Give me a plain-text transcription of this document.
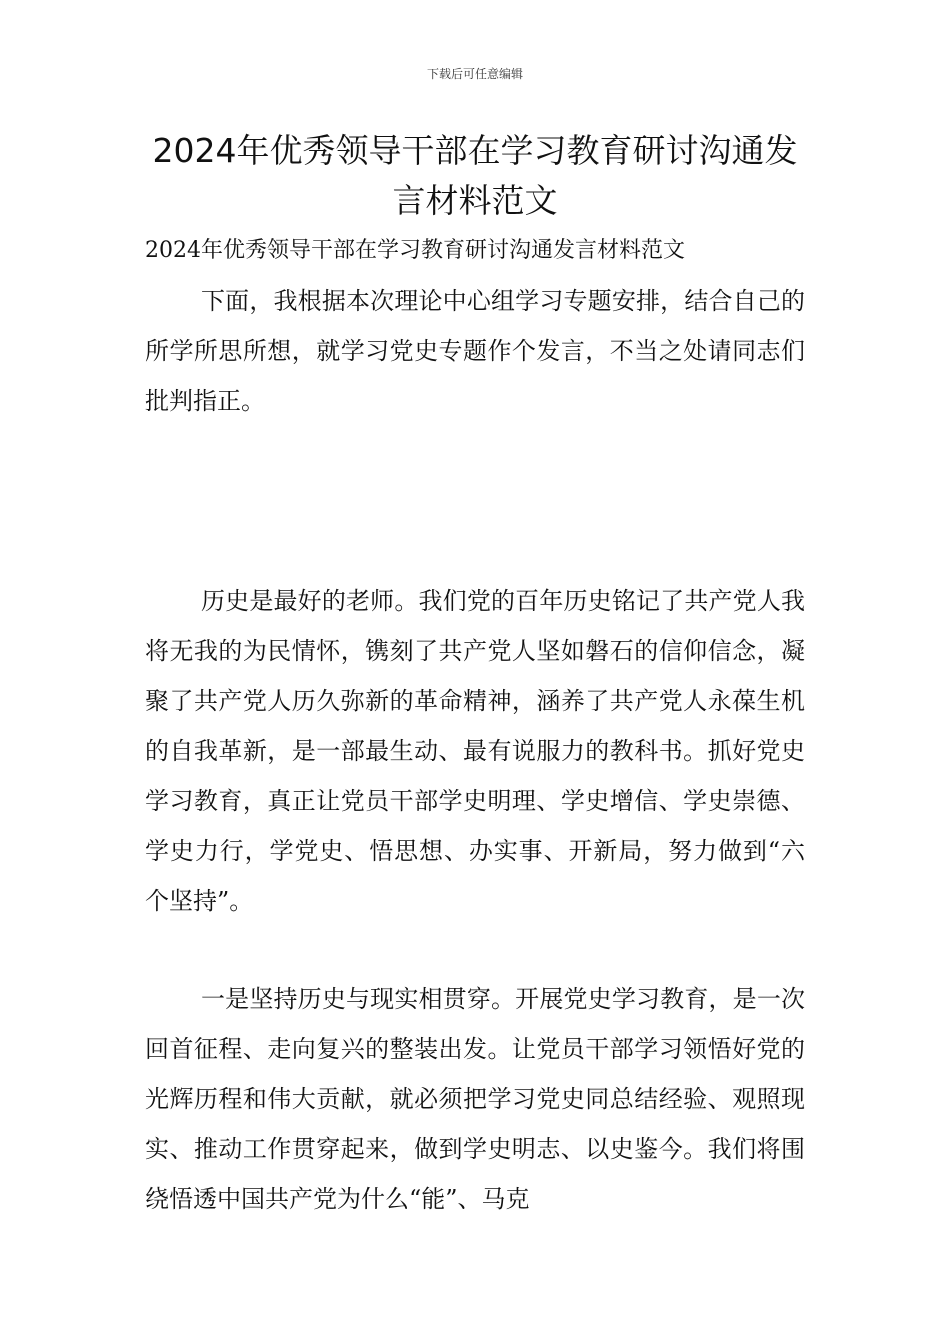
下载后可任意编辑
2024年优秀领导干部在学习教育研讨沟通发言材料范文

2024年优秀领导干部在学习教育研讨沟通发言材料范文

下面，我根据本次理论中心组学习专题安排，结合自己的所学所思所想，就学习党史专题作个发言，不当之处请同志们批判指正。

历史是最好的老师。我们党的百年历史铭记了共产党人我将无我的为民情怀，镌刻了共产党人坚如磐石的信仰信念，凝聚了共产党人历久弥新的革命精神，涵养了共产党人永葆生机的自我革新，是一部最生动、最有说服力的教科书。抓好党史学习教育，真正让党员干部学史明理、学史增信、学史崇德、学史力行，学党史、悟思想、办实事、开新局，努力做到“六个坚持”。

一是坚持历史与现实相贯穿。开展党史学习教育，是一次回首征程、走向复兴的整装出发。让党员干部学习领悟好党的光辉历程和伟大贡献，就必须把学习党史同总结经验、观照现实、推动工作贯穿起来，做到学史明志、以史鉴今。我们将围绕悟透中国共产党为什么“能”、马克
